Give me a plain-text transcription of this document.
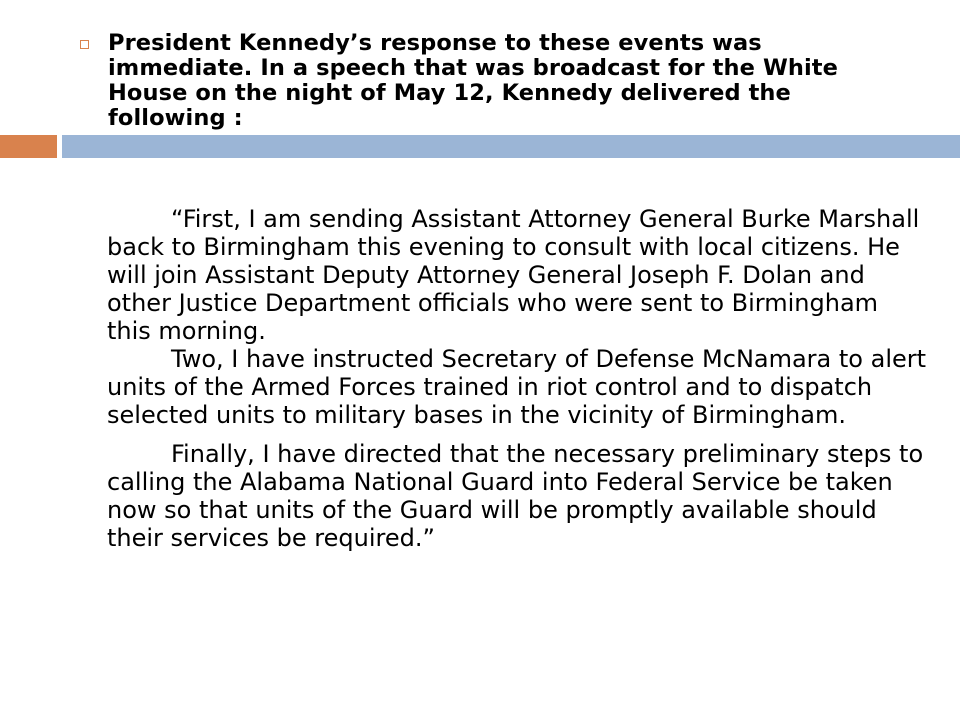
President Kennedy’s response to these events was immediate. In a speech that was broadcast for the White House on the night of May 12, Kennedy delivered the following :

“First, I am sending Assistant Attorney General Burke Marshall back to Birmingham this evening to consult with local citizens. He will join Assistant Deputy Attorney General Joseph F. Dolan and other Justice Department officials who were sent to Birmingham this morning.

Two, I have instructed Secretary of Defense McNamara to alert units of the Armed Forces trained in riot control and to dispatch selected units to military bases in the vicinity of Birmingham.

Finally, I have directed that the necessary preliminary steps to calling the Alabama National Guard into Federal Service be taken now so that units of the Guard will be promptly available should their services be required.”
